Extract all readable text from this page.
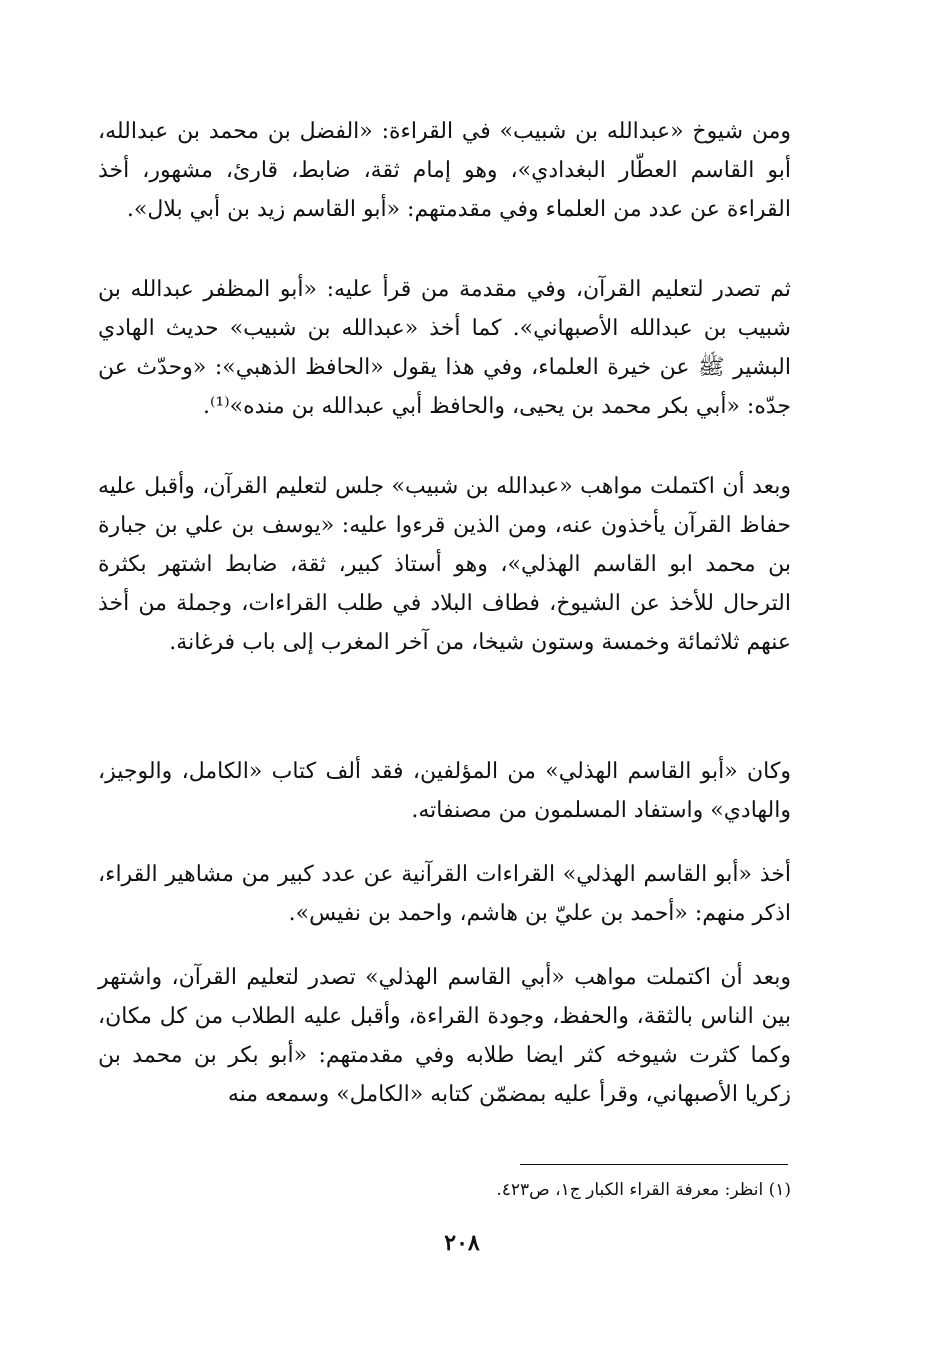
ومن شيوخ «عبدالله بن شبيب» في القراءة: «الفضل بن محمد بن عبدالله، أبو القاسم العطّار البغدادي»، وهو إمام ثقة، ضابط، قارئ، مشهور، أخذ القراءة عن عدد من العلماء وفي مقدمتهم: «أبو القاسم زيد بن أبي بلال».

ثم تصدر لتعليم القرآن، وفي مقدمة من قرأ عليه: «أبو المظفر عبدالله بن شبيب بن عبدالله الأصبهاني». كما أخذ «عبدالله بن شبيب» حديث الهادي البشير ﷺ عن خيرة العلماء، وفي هذا يقول «الحافظ الذهبي»: «وحدّث عن جدّه: «أبي بكر محمد بن يحيى، والحافظ أبي عبدالله بن منده»⁽¹⁾.

وبعد أن اكتملت مواهب «عبدالله بن شبيب» جلس لتعليم القرآن، وأقبل عليه حفاظ القرآن يأخذون عنه، ومن الذين قرءوا عليه: «يوسف بن علي بن جبارة بن محمد ابو القاسم الهذلي»، وهو أستاذ كبير، ثقة، ضابط اشتهر بكثرة الترحال للأخذ عن الشيوخ، فطاف البلاد في طلب القراءات، وجملة من أخذ عنهم ثلاثمائة وخمسة وستون شيخا، من آخر المغرب إلى باب فرغانة.

وكان «أبو القاسم الهذلي» من المؤلفين، فقد ألف كتاب «الكامل، والوجيز، والهادي» واستفاد المسلمون من مصنفاته.

أخذ «أبو القاسم الهذلي» القراءات القرآنية عن عدد كبير من مشاهير القراء، اذكر منهم: «أحمد بن عليّ بن هاشم، واحمد بن نفيس».

وبعد أن اكتملت مواهب «أبي القاسم الهذلي» تصدر لتعليم القرآن، واشتهر بين الناس بالثقة، والحفظ، وجودة القراءة، وأقبل عليه الطلاب من كل مكان، وكما كثرت شيوخه كثر ايضا طلابه وفي مقدمتهم: «أبو بكر بن محمد بن زكريا الأصبهاني، وقرأ عليه بمضمّن كتابه «الكامل» وسمعه منه

(١) انظر: معرفة القراء الكبار ج١، ص٤٢٣.

٢٠٨
